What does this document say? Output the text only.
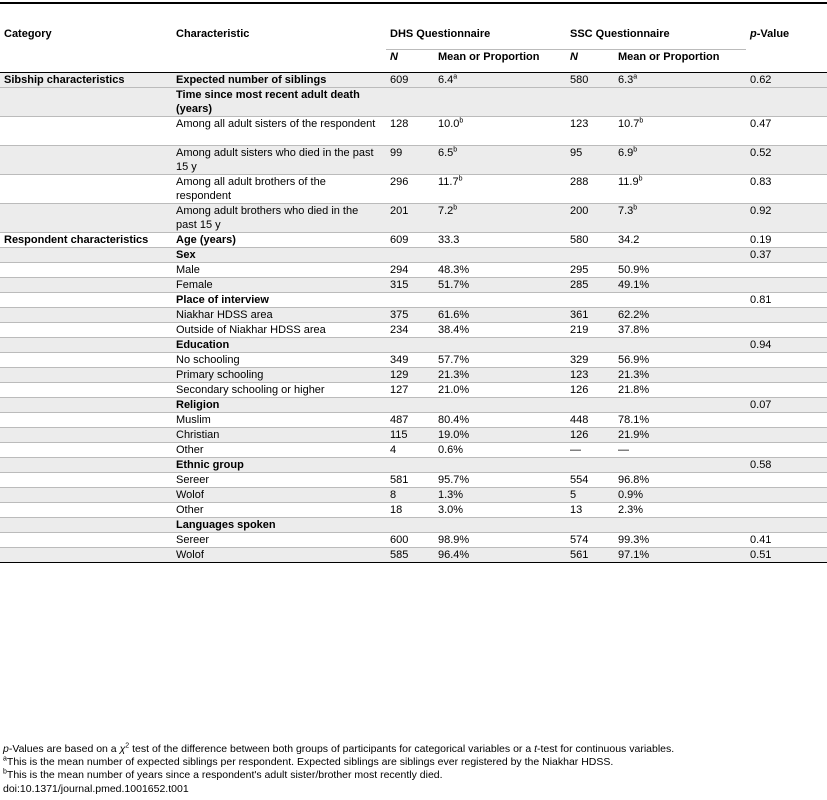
Category	Characteristic	DHS Questionnaire		SSC Questionnaire		p-Value
		N	Mean or Proportion	N	Mean or Proportion	
Sibship characteristics	Expected number of siblings	609	6.4$^a$	580	6.3$^a$	0.62
	Time since most recent adult death (years)					
	Among all adult sisters of the respondent	128	10.0$^b$	123	10.7$^b$	0.47
	Among adult sisters who died in the past 15 y	99	6.5$^b$	95	6.9$^b$	0.52
	Among all adult brothers of the respondent	296	11.7$^b$	288	11.9$^b$	0.83
	Among adult brothers who died in the past 15 y	201	7.2$^b$	200	7.3$^b$	0.92
Respondent characteristics	Age (years)	609	33.3	580	34.2	0.19
	Sex					0.37
	Male	294	48.3%	295	50.9%	
	Female	315	51.7%	285	49.1%	
	Place of interview					0.81
	Niakhar HDSS area	375	61.6%	361	62.2%	
	Outside of Niakhar HDSS area	234	38.4%	219	37.8%	
	Education					0.94
	No schooling	349	57.7%	329	56.9%	
	Primary schooling	129	21.3%	123	21.3%	
	Secondary schooling or higher	127	21.0%	126	21.8%	
	Religion					0.07
	Muslim	487	80.4%	448	78.1%	
	Christian	115	19.0%	126	21.9%	
	Other	4	0.6%	—	—	
	Ethnic group					0.58
	Sereer	581	95.7%	554	96.8%	
	Wolof	8	1.3%	5	0.9%	
	Other	18	3.0%	13	2.3%	
	Languages spoken					
	Sereer	600	98.9%	574	99.3%	0.41
	Wolof	585	96.4%	561	97.1%	0.51
p-Values are based on a $\chi^2$ test of the difference between both groups of participants for categorical variables or a t-test for continuous variables.
$^a$This is the mean number of expected siblings per respondent. Expected siblings are siblings ever registered by the Niakhar HDSS.
$^b$This is the mean number of years since a respondent's adult sister/brother most recently died.
doi:10.1371/journal.pmed.1001652.t001
